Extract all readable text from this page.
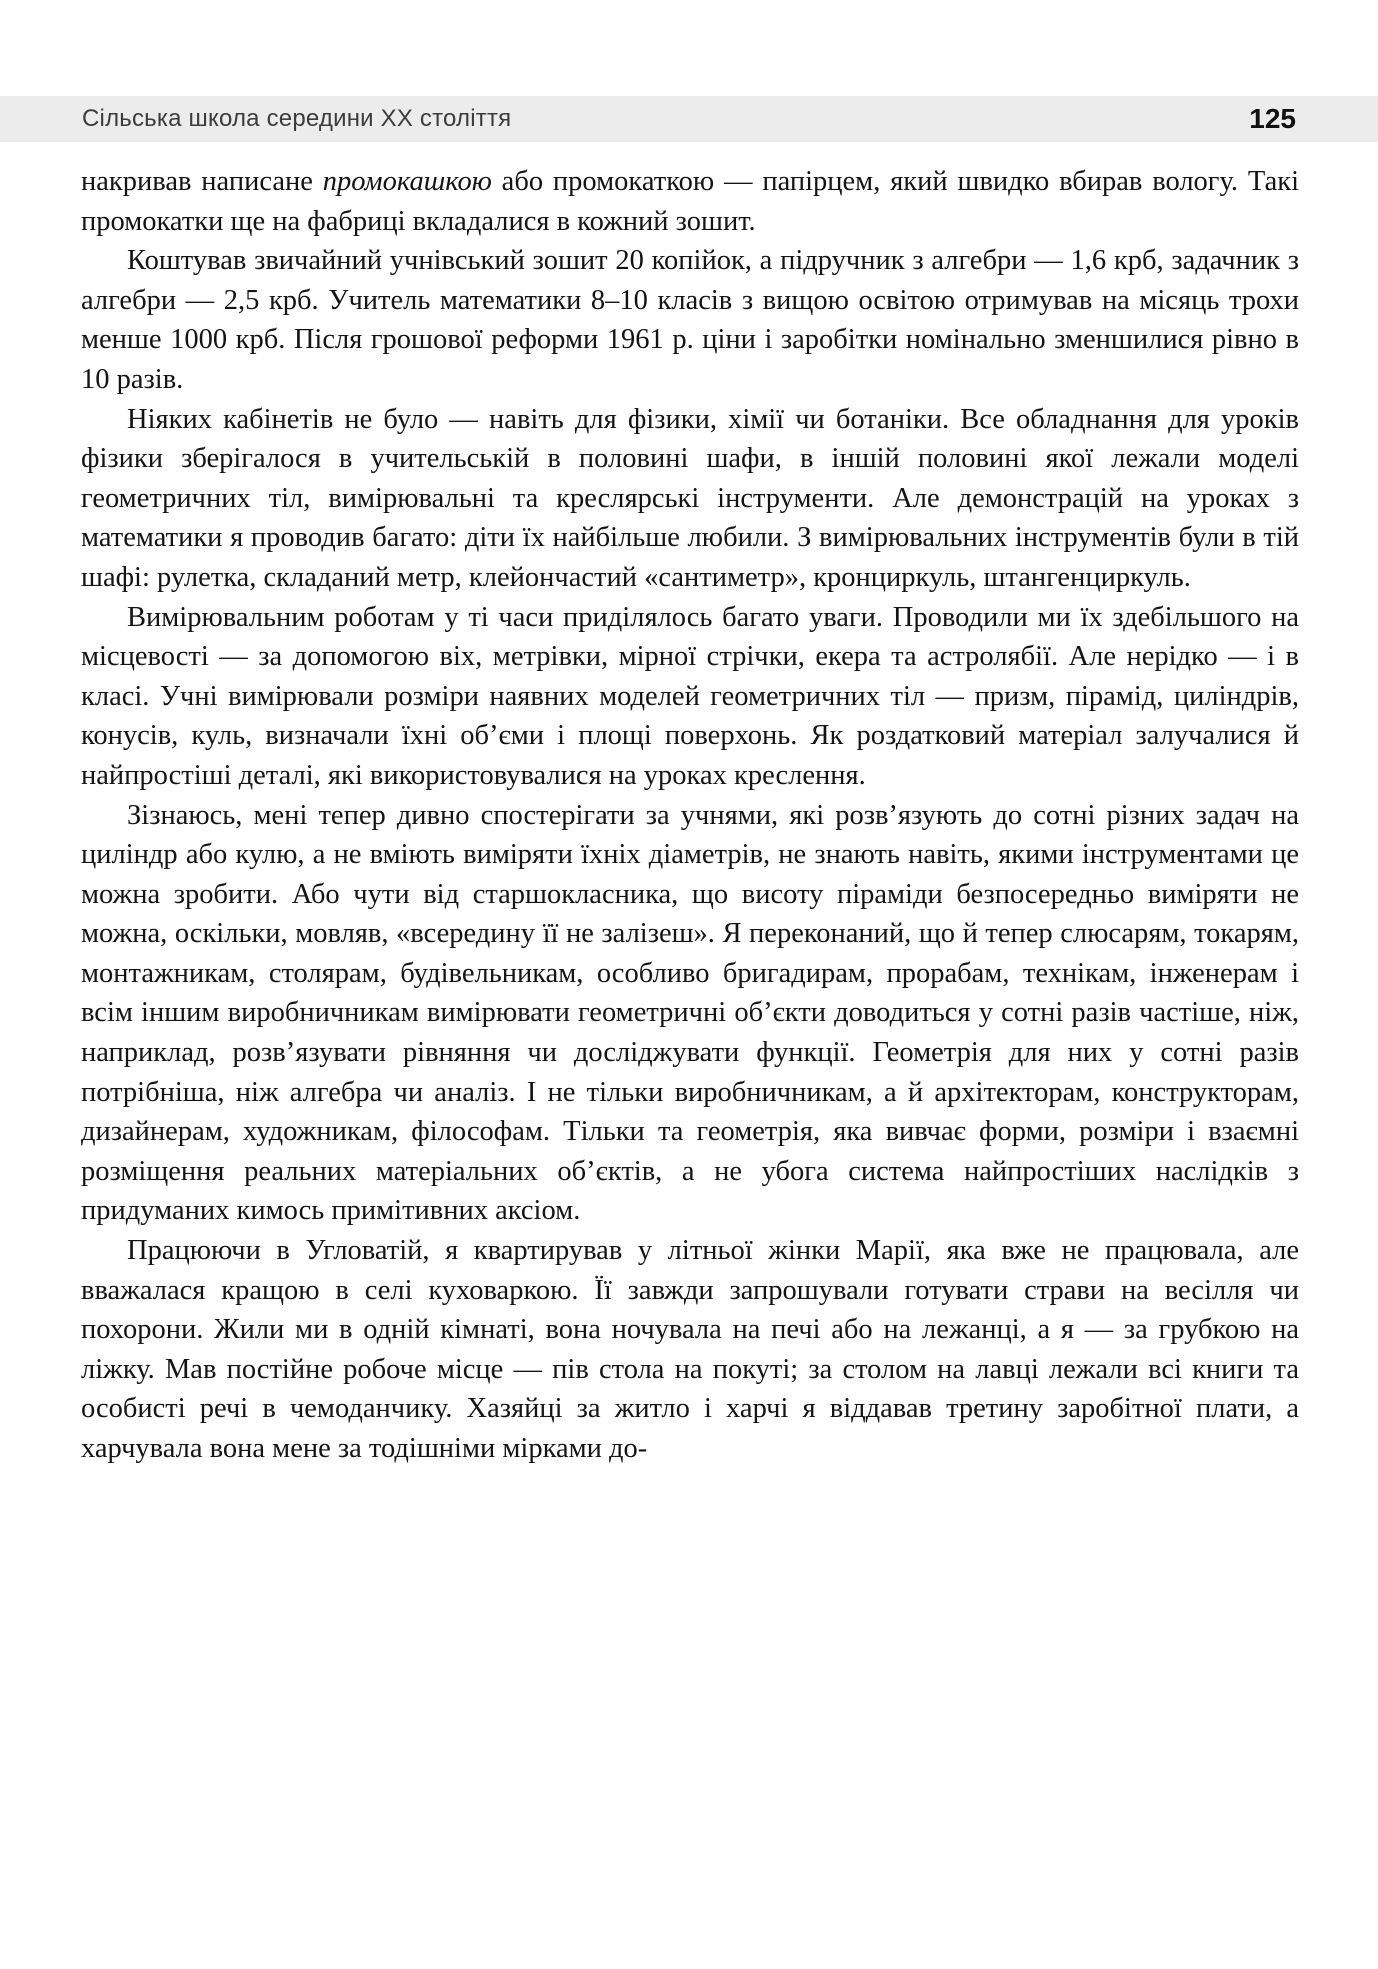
Сільська школа середини XX століття	125

накривав написане промокашкою або промокаткою — папірцем, який швидко вбирав вологу. Такі промокатки ще на фабриці вкладалися в кожний зошит.

Коштував звичайний учнівський зошит 20 копійок, а підручник з алгебри — 1,6 крб, задачник з алгебри — 2,5 крб. Учитель математики 8–10 класів з вищою освітою отримував на місяць трохи менше 1000 крб. Після грошової реформи 1961 р. ціни і заробітки номінально зменшилися рівно в 10 разів.

Ніяких кабінетів не було — навіть для фізики, хімії чи ботаніки. Все обладнання для уроків фізики зберігалося в учительській в половині шафи, в іншій половині якої лежали моделі геометричних тіл, вимірювальні та креслярські інструменти. Але демонстрацій на уроках з математики я проводив багато: діти їх найбільше любили. З вимірювальних інструментів були в тій шафі: рулетка, складаний метр, клейончастий «сантиметр», кронциркуль, штангенциркуль.

Вимірювальним роботам у ті часи приділялось багато уваги. Проводили ми їх здебільшого на місцевості — за допомогою віх, метрівки, мірної стрічки, екера та астролябії. Але нерідко — і в класі. Учні вимірювали розміри наявних моделей геометричних тіл — призм, пірамід, циліндрів, конусів, куль, визначали їхні об’єми і площі поверхонь. Як роздатковий матеріал залучалися й найпростіші деталі, які використовувалися на уроках креслення.

Зізнаюсь, мені тепер дивно спостерігати за учнями, які розв’язують до сотні різних задач на циліндр або кулю, а не вміють виміряти їхніх діаметрів, не знають навіть, якими інструментами це можна зробити. Або чути від старшокласника, що висоту піраміди безпосередньо виміряти не можна, оскільки, мовляв, «всередину її не залізеш». Я переконаний, що й тепер слюсарям, токарям, монтажникам, столярам, будівельникам, особливо бригадирам, прорабам, технікам, інженерам і всім іншим виробничникам вимірювати геометричні об’єкти доводиться у сотні разів частіше, ніж, наприклад, розв’язувати рівняння чи досліджувати функції. Геометрія для них у сотні разів потрібніша, ніж алгебра чи аналіз. І не тільки виробничникам, а й архітекторам, конструкторам, дизайнерам, художникам, філософам. Тільки та геометрія, яка вивчає форми, розміри і взаємні розміщення реальних матеріальних об’єктів, а не убога система найпростіших наслідків з придуманих кимось примітивних аксіом.

Працюючи в Угловатій, я квартирував у літньої жінки Марії, яка вже не працювала, але вважалася кращою в селі куховаркою. Її завжди запрошували готувати страви на весілля чи похорони. Жили ми в одній кімнаті, вона ночувала на печі або на лежанці, а я — за грубкою на ліжку. Мав постійне робоче місце — пів стола на покуті; за столом на лавці лежали всі книги та особисті речі в чемоданчику. Хазяйці за житло і харчі я віддавав третину заробітної плати, а харчувала вона мене за тодішніми мірками до-
